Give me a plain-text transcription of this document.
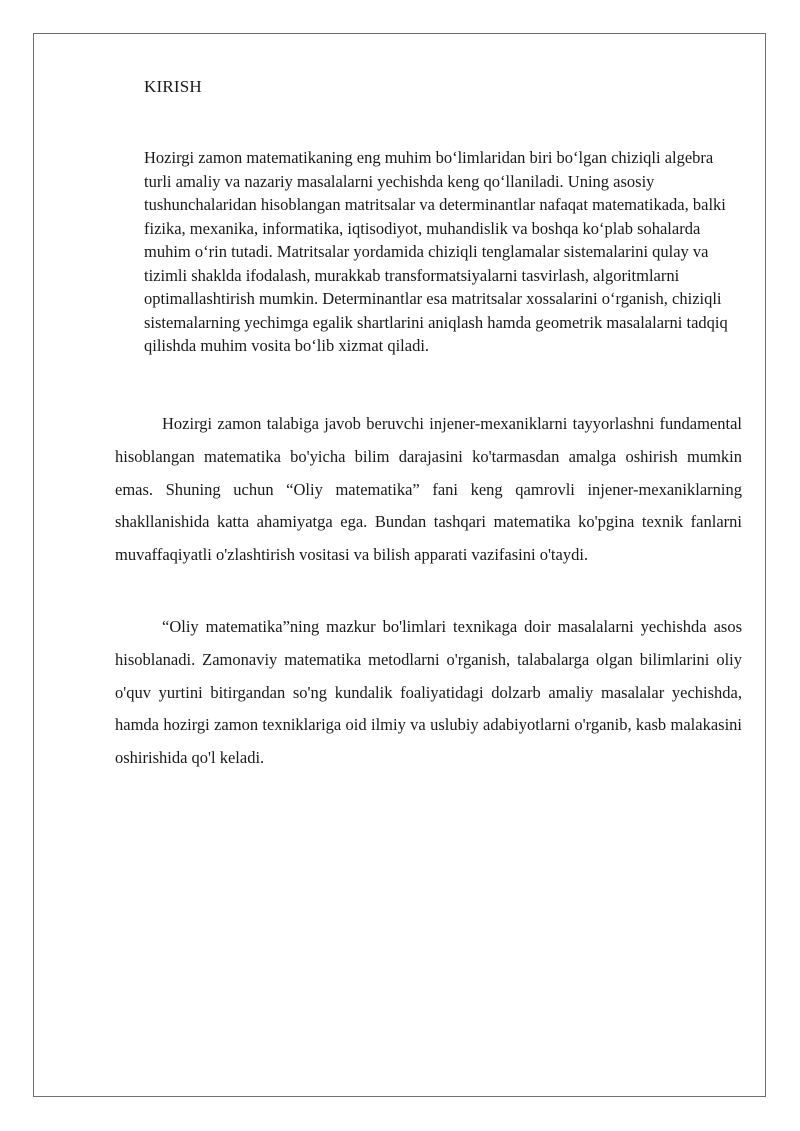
KIRISH
Hozirgi zamon matematikaning eng muhim bo‘limlaridan biri bo‘lgan chiziqli algebra turli amaliy va nazariy masalalarni yechishda keng qo‘llaniladi. Uning asosiy tushunchalaridan hisoblangan matritsalar va determinantlar nafaqat matematikada, balki fizika, mexanika, informatika, iqtisodiyot, muhandislik va boshqa ko‘plab sohalarda muhim o‘rin tutadi. Matritsalar yordamida chiziqli tenglamalar sistemalarini qulay va tizimli shaklda ifodalash, murakkab transformatsiyalarni tasvirlash, algoritmlarni optimallashtirish mumkin. Determinantlar esa matritsalar xossalarini o‘rganish, chiziqli sistemalarning yechimga egalik shartlarini aniqlash hamda geometrik masalalarni tadqiq qilishda muhim vosita bo‘lib xizmat qiladi.

Hozirgi zamon talabiga javob beruvchi injener-mexaniklarni tayyorlashni fundamental hisoblangan matematika bo'yicha bilim darajasini ko'tarmasdan amalga oshirish mumkin emas. Shuning uchun “Oliy matematika” fani keng qamrovli injener-mexaniklarning shakllanishida katta ahamiyatga ega. Bundan tashqari matematika ko'pgina texnik fanlarni muvaffaqiyatli o'zlashtirish vositasi va bilish apparati vazifasini o'taydi.

“Oliy matematika”ning mazkur bo'limlari texnikaga doir masalalarni yechishda asos hisoblanadi. Zamonaviy matematika metodlarni o'rganish, talabalarga olgan bilimlarini oliy o'quv yurtini bitirgandan so'ng kundalik foaliyatidagi dolzarb amaliy masalalar yechishda, hamda hozirgi zamon texniklariga oid ilmiy va uslubiy adabiyotlarni o'rganib, kasb malakasini oshirishida qo'l keladi.
